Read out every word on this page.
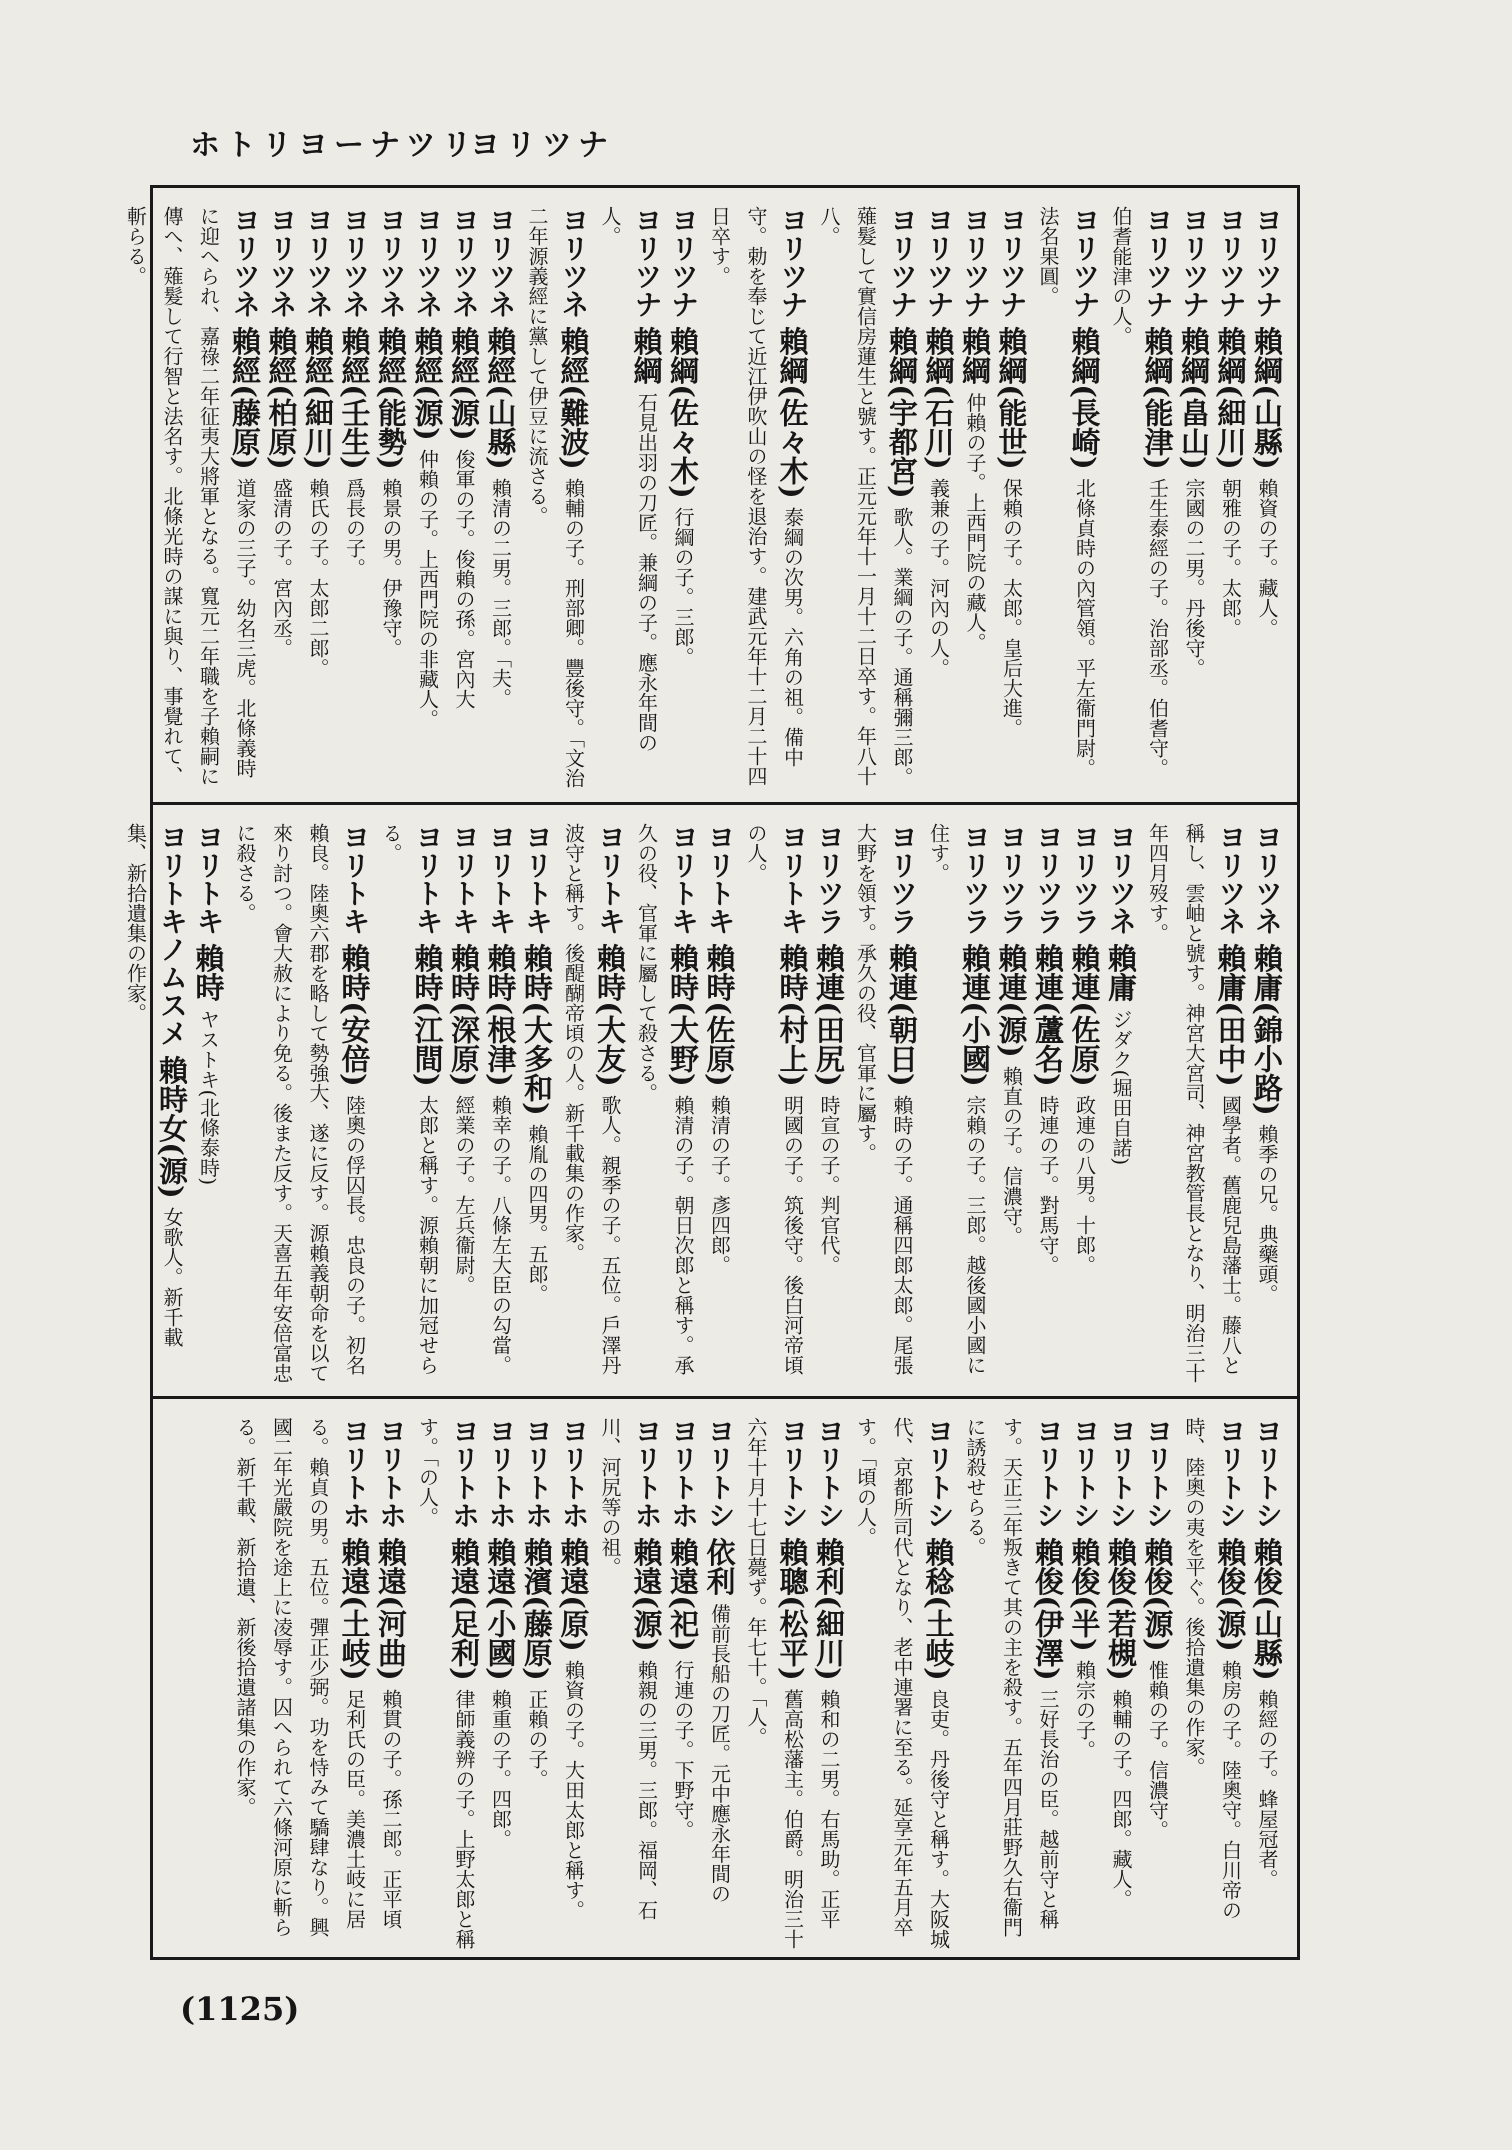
ホトリヨーナツリ
ヨリツナ
ヨリツナ 賴綱(山縣) 賴資の子。藏人。
ヨリツナ 賴綱(細川) 朝雅の子。太郎。
ヨリツナ 賴綱(畠山) 宗國の二男。丹後守。
ヨリツナ 賴綱(能津) 壬生泰經の子。治部丞。伯耆守。伯耆能津の人。
ヨリツナ 賴綱(長崎) 北條貞時の內管領。平左衞門尉。法名果圓。
ヨリツナ 賴綱(能世) 保賴の子。太郎。皇后大進。
ヨリツナ 賴綱 仲賴の子。上西門院の藏人。
ヨリツナ 賴綱(石川) 義兼の子。河內の人。
ヨリツナ 賴綱(宇都宮) 歌人。業綱の子。通稱彌三郎。薙髮して實信房蓮生と號す。正元元年十一月十二日卒す。年八十八。
ヨリツナ 賴綱(佐々木) 泰綱の次男。六角の祖。備中守。勅を奉じて近江伊吹山の怪を退治す。建武元年十二月二十四日卒す。
ヨリツナ 賴綱(佐々木) 行綱の子。三郎。
ヨリツナ 賴綱 石見出羽の刀匠。兼綱の子。應永年間の人。
ヨリツネ 賴經(難波) 賴輔の子。刑部卿。豐後守。「文治二年源義經に黨して伊豆に流さる。
ヨリツネ 賴經(山縣) 賴清の二男。三郎。「夫。
ヨリツネ 賴經(源) 俊軍の子。俊賴の孫。宮內大
ヨリツネ 賴經(源) 仲賴の子。上西門院の非藏人。
ヨリツネ 賴經(能勢) 賴景の男。伊豫守。
ヨリツネ 賴經(壬生) 爲長の子。
ヨリツネ 賴經(細川) 賴氏の子。太郎二郎。
ヨリツネ 賴經(柏原) 盛清の子。宮內丞。
ヨリツネ 賴經(藤原) 道家の三子。幼名三虎。北條義時に迎へられ、嘉祿二年征夷大將軍となる。寬元二年職を子賴嗣に傳へ、薙髮して行智と法名す。北條光時の謀に與り、事覺れて、斬らる。
ヨリツネ 賴庸(錦小路) 賴季の兄。典藥頭。
ヨリツネ 賴庸(田中) 國學者。舊鹿兒島藩士。藤八と稱し、雲岫と號す。神宮大宮司、神宮教管長となり、明治三十年四月歿す。
ヨリツネ 賴庸 ジダク(堀田自諾)
ヨリツラ 賴連(佐原) 政連の八男。十郎。
ヨリツラ 賴連(蘆名) 時連の子。對馬守。
ヨリツラ 賴連(源) 賴直の子。信濃守。
ヨリツラ 賴連(小國) 宗賴の子。三郎。越後國小國に住す。
ヨリツラ 賴連(朝日) 賴時の子。通稱四郎太郎。尾張大野を領す。承久の役、官軍に屬す。
ヨリツラ 賴連(田尻) 時宣の子。判官代。
ヨリトキ 賴時(村上) 明國の子。筑後守。後白河帝頃の人。
ヨリトキ 賴時(佐原) 賴清の子。彥四郎。
ヨリトキ 賴時(大野) 賴清の子。朝日次郎と稱す。承久の役、官軍に屬して殺さる。
ヨリトキ 賴時(大友) 歌人。親季の子。五位。戶澤丹波守と稱す。後醍醐帝頃の人。新千載集の作家。
ヨリトキ 賴時(大多和) 賴胤の四男。五郎。
ヨリトキ 賴時(根津) 賴幸の子。八條左大臣の勾當。
ヨリトキ 賴時(深原) 經業の子。左兵衞尉。
ヨリトキ 賴時(江間) 太郎と稱す。源賴朝に加冠せらる。
ヨリトキ 賴時(安倍) 陸奧の俘囚長。忠良の子。初名賴良。陸奧六郡を略して勢強大、遂に反す。源賴義朝命を以て來り討つ。會大赦により免る。後また反す。天喜五年安倍富忠に殺さる。
ヨリトキ 賴時 ヤストキ(北條泰時)
ヨリトキノムスメ 賴時女(源) 女歌人。新千載集、新拾遺集の作家。
ヨリトシ 賴俊(山縣) 賴經の子。蜂屋冠者。
ヨリトシ 賴俊(源) 賴房の子。陸奧守。白川帝の時、陸奧の夷を平ぐ。後拾遺集の作家。
ヨリトシ 賴俊(源) 惟賴の子。信濃守。
ヨリトシ 賴俊(若槻) 賴輔の子。四郎。藏人。
ヨリトシ 賴俊(半) 賴宗の子。
ヨリトシ 賴俊(伊澤) 三好長治の臣。越前守と稱す。天正三年叛きて其の主を殺す。五年四月莊野久右衞門に誘殺せらる。
ヨリトシ 賴稔(土岐) 良吏。丹後守と稱す。大阪城代、京都所司代となり、老中連署に至る。延享元年五月卒す。「頃の人。
ヨリトシ 賴利(細川) 賴和の二男。右馬助。正平
ヨリトシ 賴聰(松平) 舊高松藩主。伯爵。明治三十六年十月十七日薨ず。年七十。「人。
ヨリトシ 依利 備前長船の刀匠。元中應永年間の
ヨリトホ 賴遠(祀) 行連の子。下野守。
ヨリトホ 賴遠(源) 賴親の三男。三郎。福岡、石川、河尻等の祖。
ヨリトホ 賴遠(原) 賴資の子。大田太郎と稱す。
ヨリトホ 賴濱(藤原) 正賴の子。
ヨリトホ 賴遠(小國) 賴重の子。四郎。
ヨリトホ 賴遠(足利) 律師義辨の子。上野太郎と稱す。「の人。
ヨリトホ 賴遠(河曲) 賴貫の子。孫二郎。正平頃
ヨリトホ 賴遠(土岐) 足利氏の臣。美濃土岐に居る。賴貞の男。五位。彈正少弼。功を恃みて驕肆なり。興國二年光嚴院を途上に凌辱す。囚へられて六條河原に斬らる。新千載、新拾遺、新後拾遺諸集の作家。
(1125)
